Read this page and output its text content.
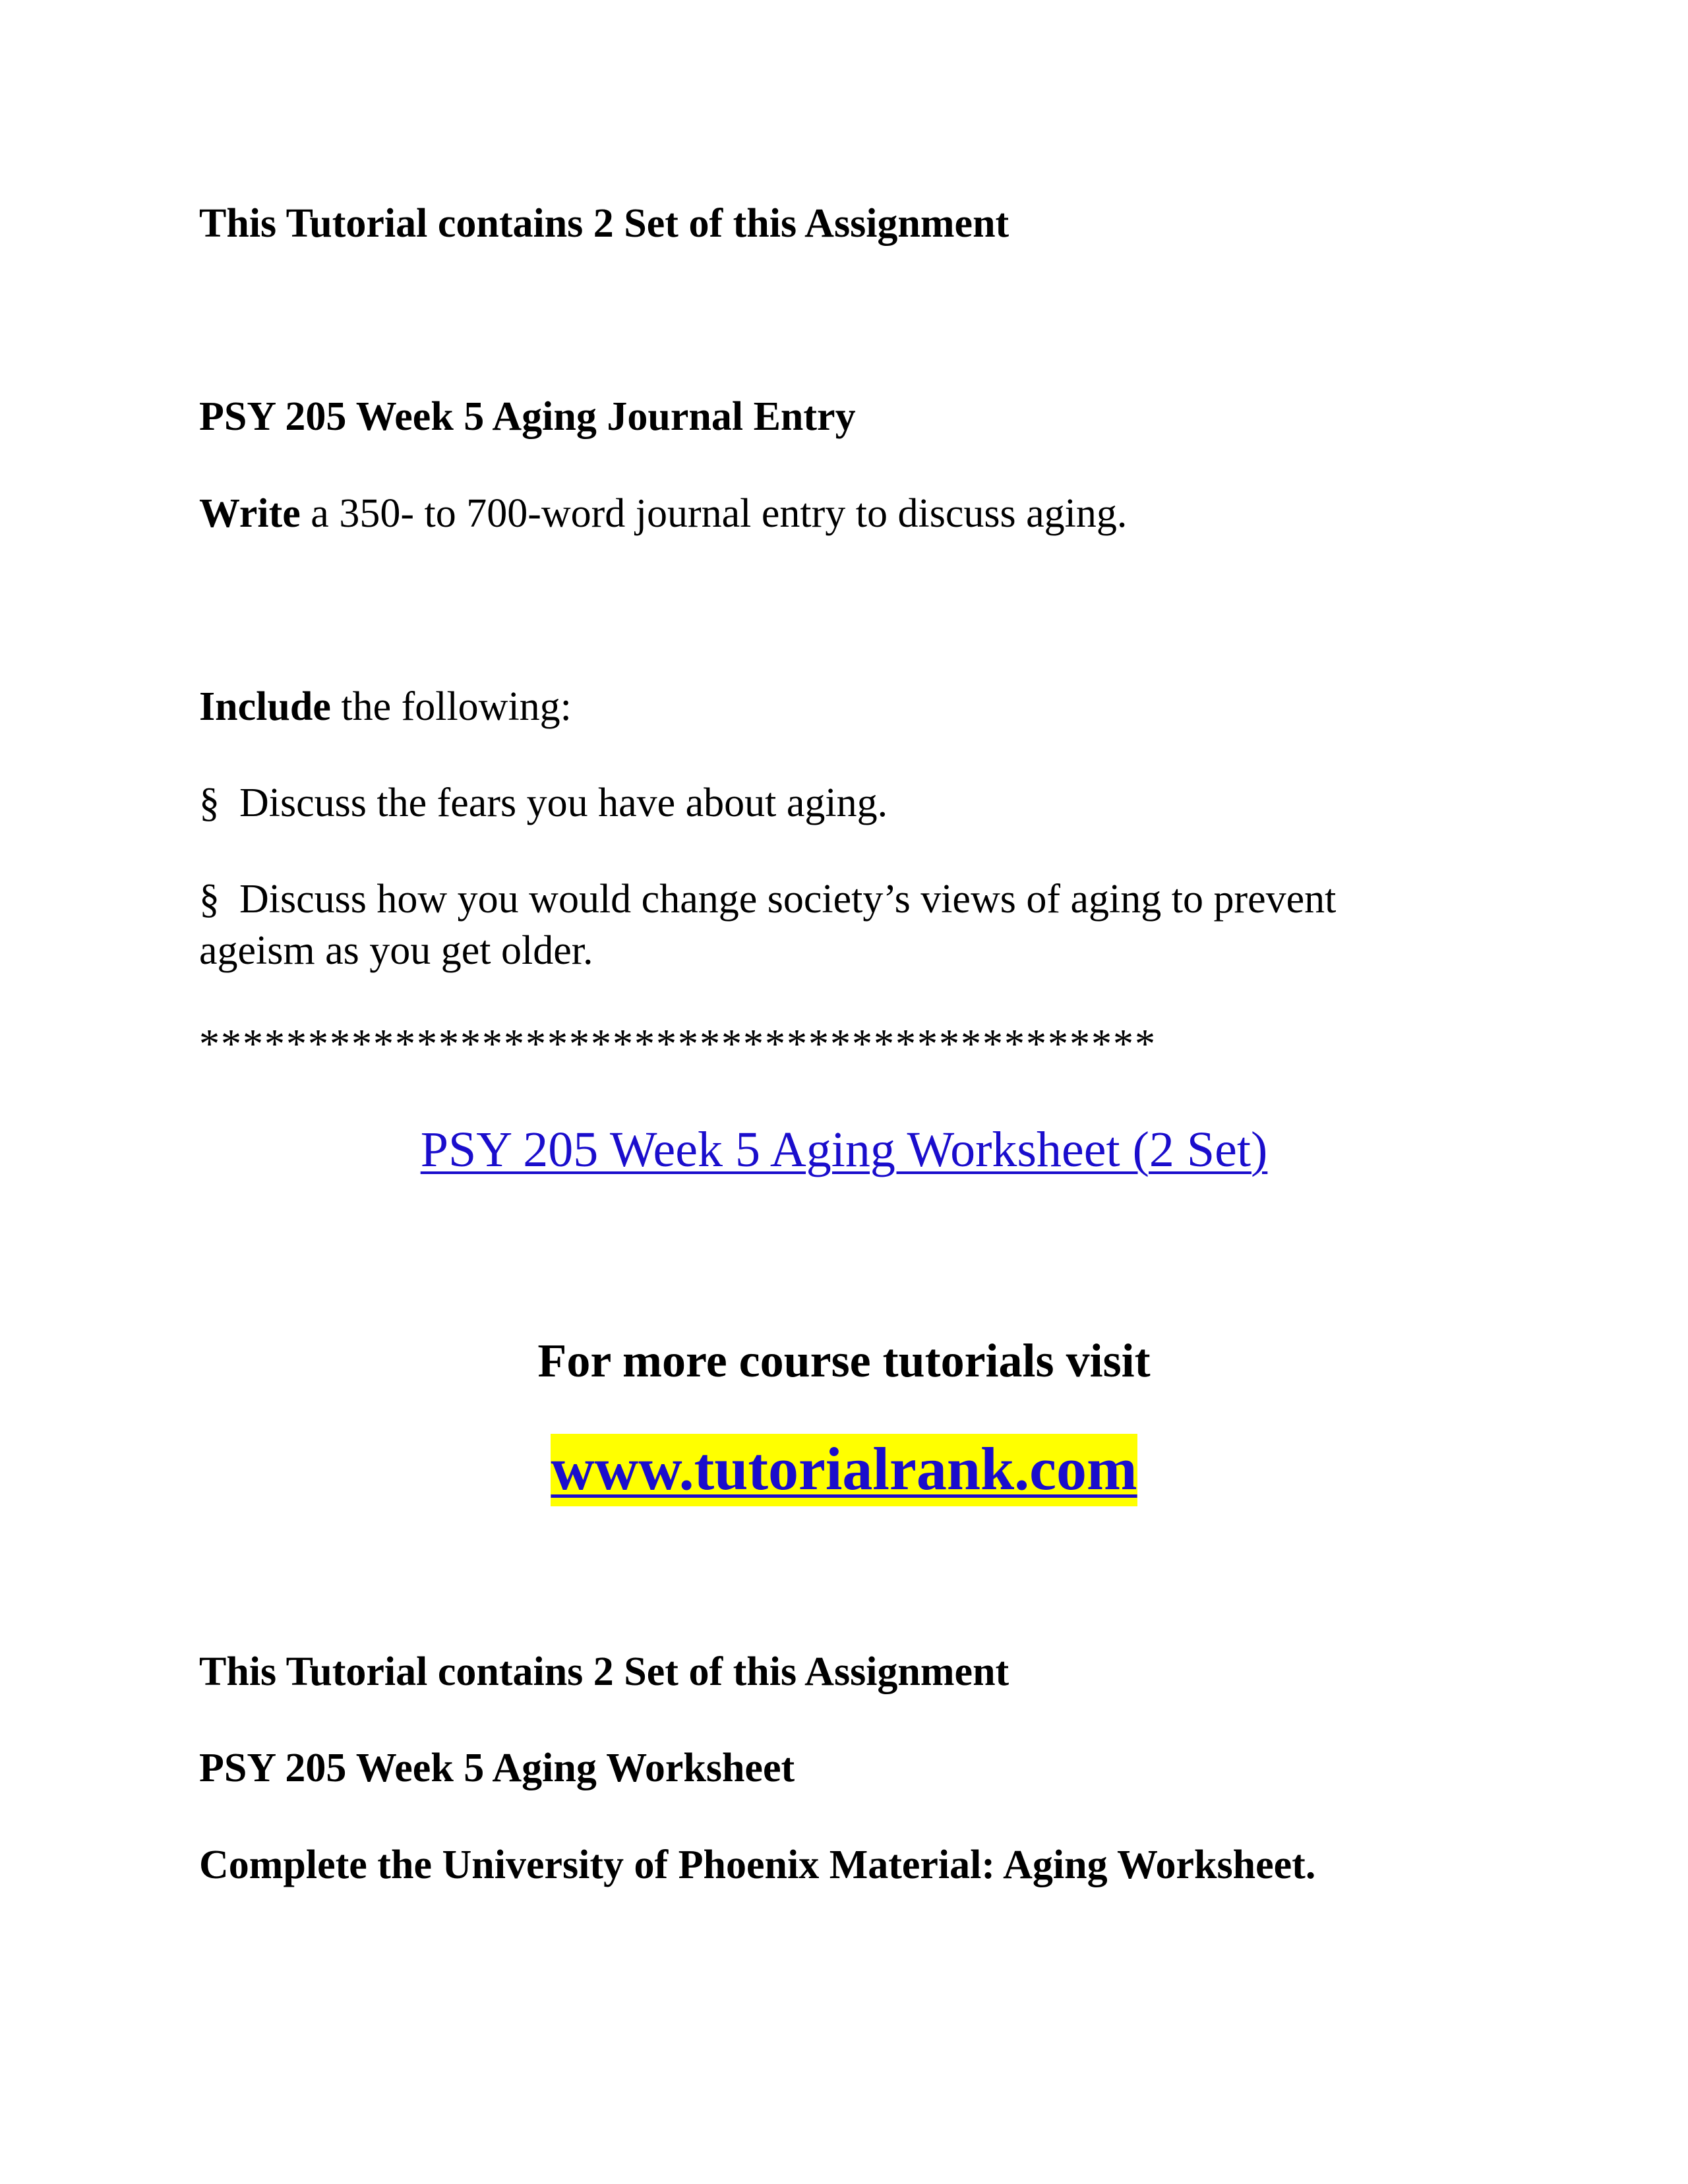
This Tutorial contains 2 Set of this Assignment

PSY 205 Week 5 Aging Journal Entry

Write a 350- to 700-word journal entry to discuss aging.

Include the following:

§ Discuss the fears you have about aging.

§ Discuss how you would change society’s views of aging to prevent

ageism as you get older.

********************************************

PSY 205 Week 5 Aging Worksheet (2 Set)

For more course tutorials visit

www.tutorialrank.com

This Tutorial contains 2 Set of this Assignment

PSY 205 Week 5 Aging Worksheet

Complete the University of Phoenix Material: Aging Worksheet.
